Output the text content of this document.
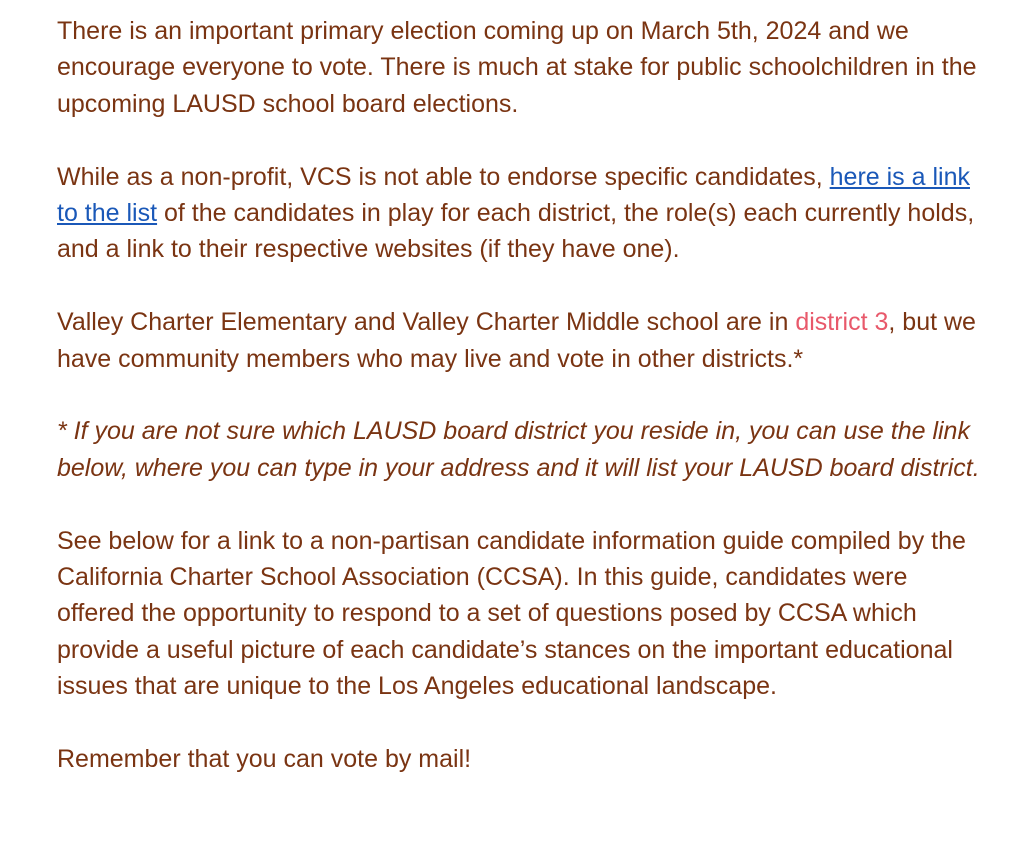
There is an important primary election coming up on March 5th, 2024 and we encourage everyone to vote. There is much at stake for public schoolchildren in the upcoming LAUSD school board elections.

While as a non-profit, VCS is not able to endorse specific candidates, here is a link to the list of the candidates in play for each district, the role(s) each currently holds, and a link to their respective websites (if they have one).

Valley Charter Elementary and Valley Charter Middle school are in district 3, but we have community members who may live and vote in other districts.*

* If you are not sure which LAUSD board district you reside in, you can use the link below, where you can type in your address and it will list your LAUSD board district.

See below for a link to a non-partisan candidate information guide compiled by the California Charter School Association (CCSA). In this guide, candidates were offered the opportunity to respond to a set of questions posed by CCSA which provide a useful picture of each candidate’s stances on the important educational issues that are unique to the Los Angeles educational landscape.

Remember that you can vote by mail!
